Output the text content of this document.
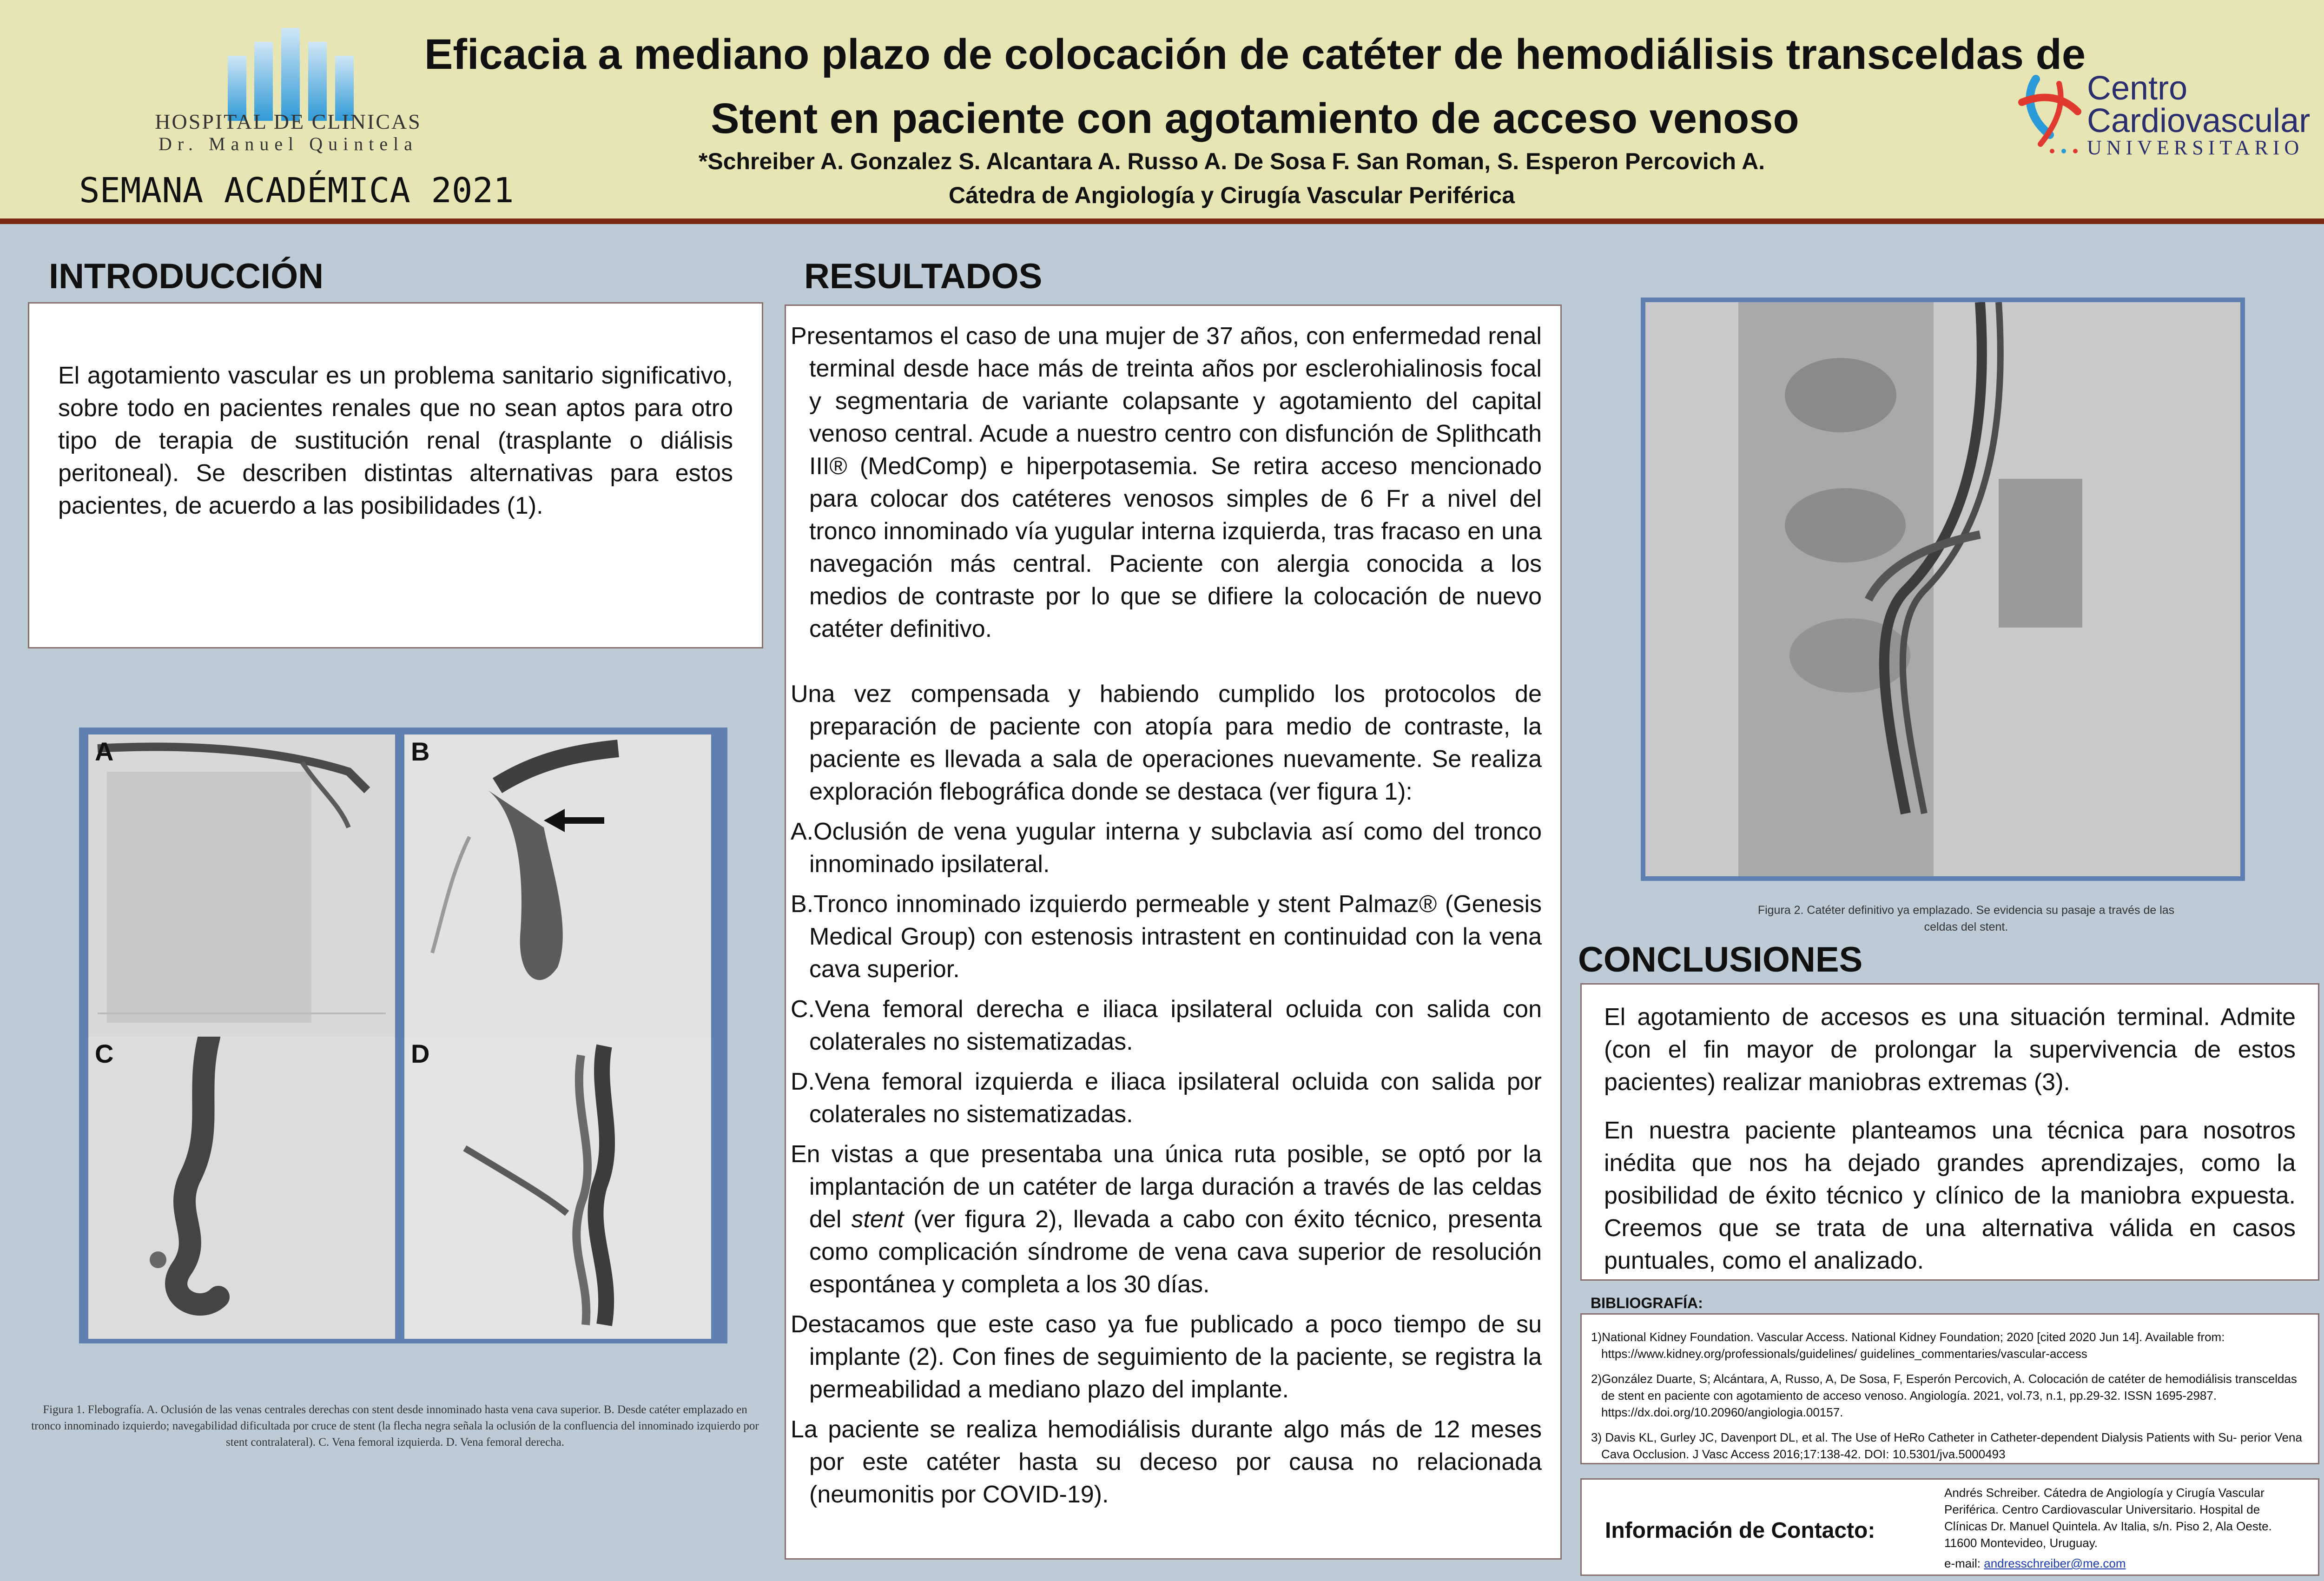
HOSPITAL DE CLINICAS
Dr. Manuel Quintela
SEMANA ACADÉMICA 2021
Eficacia a mediano plazo de colocación de catéter de hemodiálisis transceldas de
Stent en paciente con agotamiento de acceso venoso
*Schreiber A. Gonzalez S. Alcantara A. Russo A. De Sosa F. San Roman, S. Esperon Percovich A.
Cátedra de Angiología y Cirugía Vascular Periférica
Centro
Cardiovascular
UNIVERSITARIO
INTRODUCCIÓN
El agotamiento vascular es un problema sanitario significativo, sobre todo en pacientes renales que no sean aptos para otro tipo de terapia de sustitución renal (trasplante o diálisis peritoneal). Se describen distintas alternativas para estos pacientes, de acuerdo a las posibilidades (1).
A	B
C	D
Figura 1. Flebografía. A. Oclusión de las venas centrales derechas con stent desde innominado hasta vena cava superior. B. Desde catéter emplazado en tronco innominado izquierdo; navegabilidad dificultada por cruce de stent (la flecha negra señala la oclusión de la confluencia del innominado izquierdo por stent contralateral). C. Vena femoral izquierda. D. Vena femoral derecha.
RESULTADOS

Presentamos el caso de una mujer de 37 años, con enfermedad renal terminal desde hace más de treinta años por esclerohialinosis focal y segmentaria de variante colapsante y agotamiento del capital venoso central. Acude a nuestro centro con disfunción de Splithcath III® (MedComp) e hiperpotasemia. Se retira acceso mencionado para colocar dos catéteres venosos simples de 6 Fr a nivel del tronco innominado vía yugular interna izquierda, tras fracaso en una navegación más central. Paciente con alergia conocida a los medios de contraste por lo que se difiere la colocación de nuevo catéter definitivo.

Una vez compensada y habiendo cumplido los protocolos de preparación de paciente con atopía para medio de contraste, la paciente es llevada a sala de operaciones nuevamente. Se realiza exploración flebográfica donde se destaca (ver figura 1):

A.Oclusión de vena yugular interna y subclavia así como del tronco innominado ipsilateral.

B.Tronco innominado izquierdo permeable y stent Palmaz® (Genesis Medical Group) con estenosis intrastent en continuidad con la vena cava superior.

C.Vena femoral derecha e iliaca ipsilateral ocluida con salida con colaterales no sistematizadas.

D.Vena femoral izquierda e iliaca ipsilateral ocluida con salida por colaterales no sistematizadas.

En vistas a que presentaba una única ruta posible, se optó por la implantación de un catéter de larga duración a través de las celdas del stent (ver figura 2), llevada a cabo con éxito técnico, presenta como complicación síndrome de vena cava superior de resolución espontánea y completa a los 30 días.

Destacamos que este caso ya fue publicado a poco tiempo de su implante (2). Con fines de seguimiento de la paciente, se registra la permeabilidad a mediano plazo del implante.

La paciente se realiza hemodiálisis durante algo más de 12 meses por este catéter hasta su deceso por causa no relacionada (neumonitis por COVID-19).

Figura 2. Catéter definitivo ya emplazado. Se evidencia su pasaje a través de las celdas del stent.
CONCLUSIONES

El agotamiento de accesos es una situación terminal. Admite (con el fin mayor de prolongar la supervivencia de estos pacientes) realizar maniobras extremas (3).

En nuestra paciente planteamos una técnica para nosotros inédita que nos ha dejado grandes aprendizajes, como la posibilidad de éxito técnico y clínico de la maniobra expuesta. Creemos que se trata de una alternativa válida en casos puntuales, como el analizado.

BIBLIOGRAFÍA:

1)National Kidney Foundation. Vascular Access. National Kidney Foundation; 2020 [cited 2020 Jun 14]. Available from: https://www.kidney.org/professionals/guidelines/ guidelines_commentaries/vascular-access

2)González Duarte, S; Alcántara, A, Russo, A, De Sosa, F, Esperón Percovich, A. Colocación de catéter de hemodiálisis transceldas de stent en paciente con agotamiento de acceso venoso. Angiología. 2021, vol.73, n.1, pp.29-32. ISSN 1695-2987. https://dx.doi.org/10.20960/angiologia.00157.

3) Davis KL, Gurley JC, Davenport DL, et al. The Use of HeRo Catheter in Catheter-dependent Dialysis Patients with Su- perior Vena Cava Occlusion. J Vasc Access 2016;17:138-42. DOI: 10.5301/jva.5000493

Información de Contacto:
Andrés Schreiber. Cátedra de Angiología y Cirugía Vascular Periférica. Centro Cardiovascular Universitario. Hospital de Clínicas Dr. Manuel Quintela. Av Italia, s/n. Piso 2, Ala Oeste. 11600 Montevideo, Uruguay.
e-mail: andresschreiber@me.com
